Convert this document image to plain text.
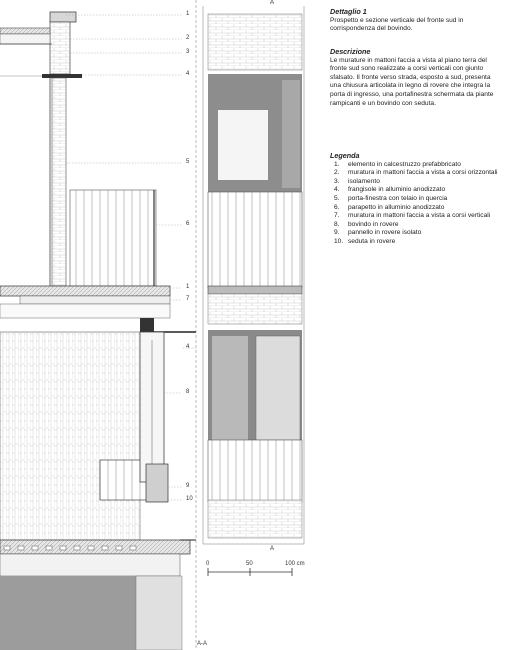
1
2
3
4
5
6
1
7
4
8
9
10
A
A
A-A
0	50	100 cm
Dettaglio 1
Prospetto e sezione verticale del fronte sud in corrispondenza del bovindo.
Descrizione
Le murature in mattoni faccia a vista al piano terra del fronte sud sono realizzate a corsi verticali con giunto sfalsato. Il fronte verso strada, esposto a sud, presenta una chiusura articolata in legno di rovere che integra la porta di ingresso, una portafinestra schermata da piante rampicanti e un bovindo con seduta.
Legenda
1. elemento in calcestruzzo prefabbricato
2. muratura in mattoni faccia a vista a corsi orizzontali
3. isolamento
4. frangisole in alluminio anodizzato
5. porta-finestra con telaio in quercia
6. parapetto in alluminio anodizzato
7. muratura in mattoni faccia a vista a corsi verticali
8. bovindo in rovere
9. pannello in rovere isolato
10. seduta in rovere
